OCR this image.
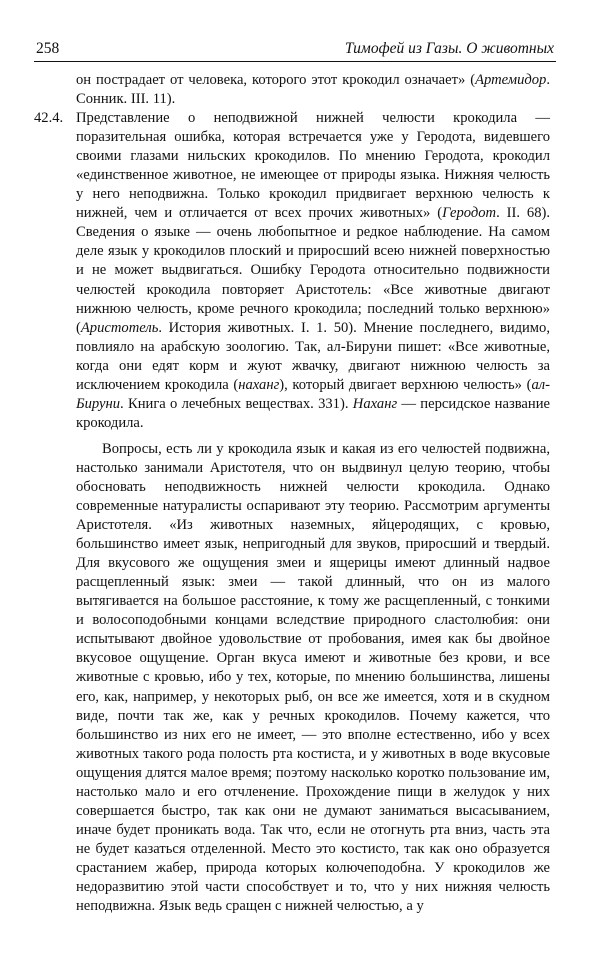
258	Тимофей из Газы. О животных

он пострадает от человека, которого этот крокодил означает» (Артемидор. Сонник. III. 11).

42.4. Представление о неподвижной нижней челюсти крокодила — поразительная ошибка, которая встречается уже у Геродота, видевшего своими глазами нильских крокодилов. По мнению Геродота, крокодил «единственное животное, не имеющее от природы языка. Нижняя челюсть у него неподвижна. Только крокодил придвигает верхнюю челюсть к нижней, чем и отличается от всех прочих животных» (Геродот. II. 68). Сведения о языке — очень любопытное и редкое наблюдение. На самом деле язык у крокодилов плоский и приросший всею нижней поверхностью и не может выдвигаться. Ошибку Геродота относительно подвижности челюстей крокодила повторяет Аристотель: «Все животные двигают нижнюю челюсть, кроме речного крокодила; последний только верхнюю» (Аристотель. История животных. I. 1. 50). Мнение последнего, видимо, повлияло на арабскую зоологию. Так, ал-Бируни пишет: «Все животные, когда они едят корм и жуют жвачку, двигают нижнюю челюсть за исключением крокодила (наханг), который двигает верхнюю челюсть» (ал-Бируни. Книга о лечебных веществах. 331). Наханг — персидское название крокодила.

Вопросы, есть ли у крокодила язык и какая из его челюстей подвижна, настолько занимали Аристотеля, что он выдвинул целую теорию, чтобы обосновать неподвижность нижней челюсти крокодила. Однако современные натуралисты оспаривают эту теорию. Рассмотрим аргументы Аристотеля. «Из животных наземных, яйцеродящих, с кровью, большинство имеет язык, непригодный для звуков, приросший и твердый. Для вкусового же ощущения змеи и ящерицы имеют длинный надвое расщепленный язык: змеи — такой длинный, что он из малого вытягивается на большое расстояние, к тому же расщепленный, с тонкими и волосоподобными концами вследствие природного сластолюбия: они испытывают двойное удовольствие от пробования, имея как бы двойное вкусовое ощущение. Орган вкуса имеют и животные без крови, и все животные с кровью, ибо у тех, которые, по мнению большинства, лишены его, как, например, у некоторых рыб, он все же имеется, хотя и в скудном виде, почти так же, как у речных крокодилов. Почему кажется, что большинство из них его не имеет, — это вполне естественно, ибо у всех животных такого рода полость рта костиста, и у животных в воде вкусовые ощущения длятся малое время; поэтому насколько коротко пользование им, настолько мало и его отчленение. Прохождение пищи в желудок у них совершается быстро, так как они не думают заниматься высасыванием, иначе будет проникать вода. Так что, если не отогнуть рта вниз, часть эта не будет казаться отделенной. Место это костисто, так как оно образуется срастанием жабер, природа которых колючеподобна. У крокодилов же недоразвитию этой части способствует и то, что у них нижняя челюсть неподвижна. Язык ведь сращен с нижней челюстью, а у
